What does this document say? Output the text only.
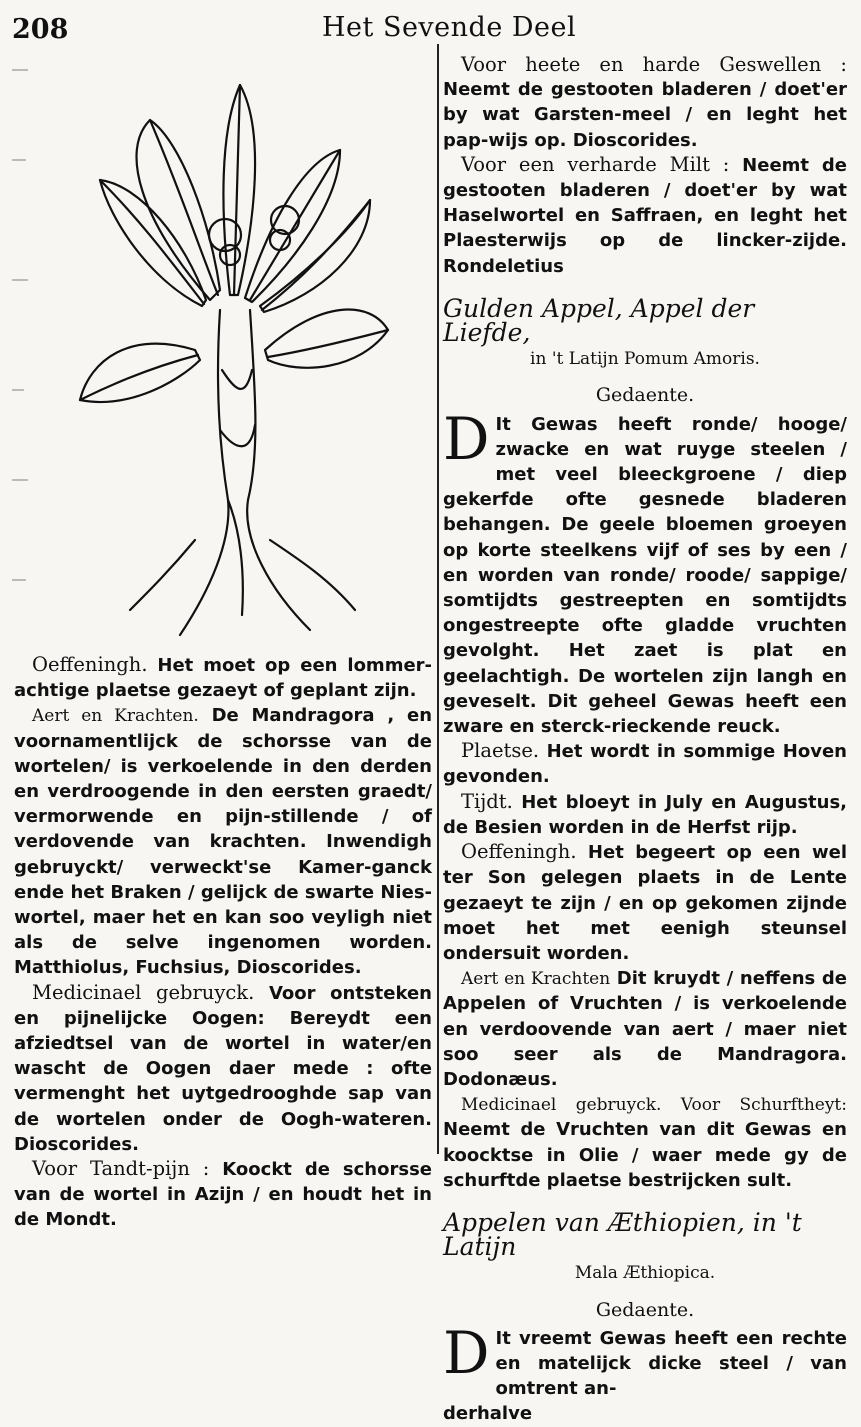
208	Het Sevende Deel

Oeffeningh. Het moet op een lommer-achtige plaetse gezaeyt of geplant zijn.

Aert en Krachten. De Mandragora , en voornamentlijck de schorsse van de wortelen/ is verkoelende in den derden en verdroogende in den eersten graedt/ vermorwende en pijn-stillende / of verdovende van krachten. Inwendigh gebruyckt/ verweckt'se Kamer-ganck ende het Braken / gelijck de swarte Nies-wortel, maer het en kan soo veyligh niet als de selve ingenomen worden. Matthiolus, Fuchsius, Dioscorides.

Medicinael gebruyck. Voor ontsteken en pijnelijcke Oogen: Bereydt een afziedtsel van de wortel in water/en wascht de Oogen daer mede : ofte vermenght het uytgedrooghde sap van de wortelen onder de Oogh-wateren. Dioscorides.

Voor Tandt-pijn : Koockt de schorsse van de wortel in Azijn / en houdt het in de Mondt.

Voor heete en harde Geswellen : Neemt de gestooten bladeren / doet'er by wat Garsten-meel / en leght het pap-wijs op. Dioscorides.

Voor een verharde Milt : Neemt de gestooten bladeren / doet'er by wat Haselwortel en Saffraen, en leght het Plaesterwijs op de lincker-zijde. Rondeletius

Gulden Appel, Appel der Liefde,
in 't Latijn Pomum Amoris.
Gedaente.

D It Gewas heeft ronde/ hooge/ zwacke en wat ruyge steelen / met veel bleeckgroene / diep gekerfde ofte gesnede bladeren behangen. De geele bloemen groeyen op korte steelkens vijf of ses by een / en worden van ronde/ roode/ sappige/ somtijdts gestreepten en somtijdts ongestreepte ofte gladde vruchten gevolght. Het zaet is plat en geelachtigh. De wortelen zijn langh en geveselt. Dit geheel Gewas heeft een zware en sterck-rieckende reuck.

Plaetse. Het wordt in sommige Hoven gevonden.

Tijdt. Het bloeyt in July en Augustus, de Besien worden in de Herfst rijp.

Oeffeningh. Het begeert op een wel ter Son gelegen plaets in de Lente gezaeyt te zijn / en op gekomen zijnde moet het met eenigh steunsel ondersuit worden.

Aert en Krachten Dit kruydt / neffens de Appelen of Vruchten / is verkoelende en verdoovende van aert / maer niet soo seer als de Mandragora. Dodonæus.

Medicinael gebruyck. Voor Schurftheyt: Neemt de Vruchten van dit Gewas en koocktse in Olie / waer mede gy de schurftde plaetse bestrijcken sult.

Appelen van Æthiopien, in 't Latijn
Mala Æthiopica.
Gedaente.

D It vreemt Gewas heeft een rechte en matelijck dicke steel / van omtrent an-

derhalve
